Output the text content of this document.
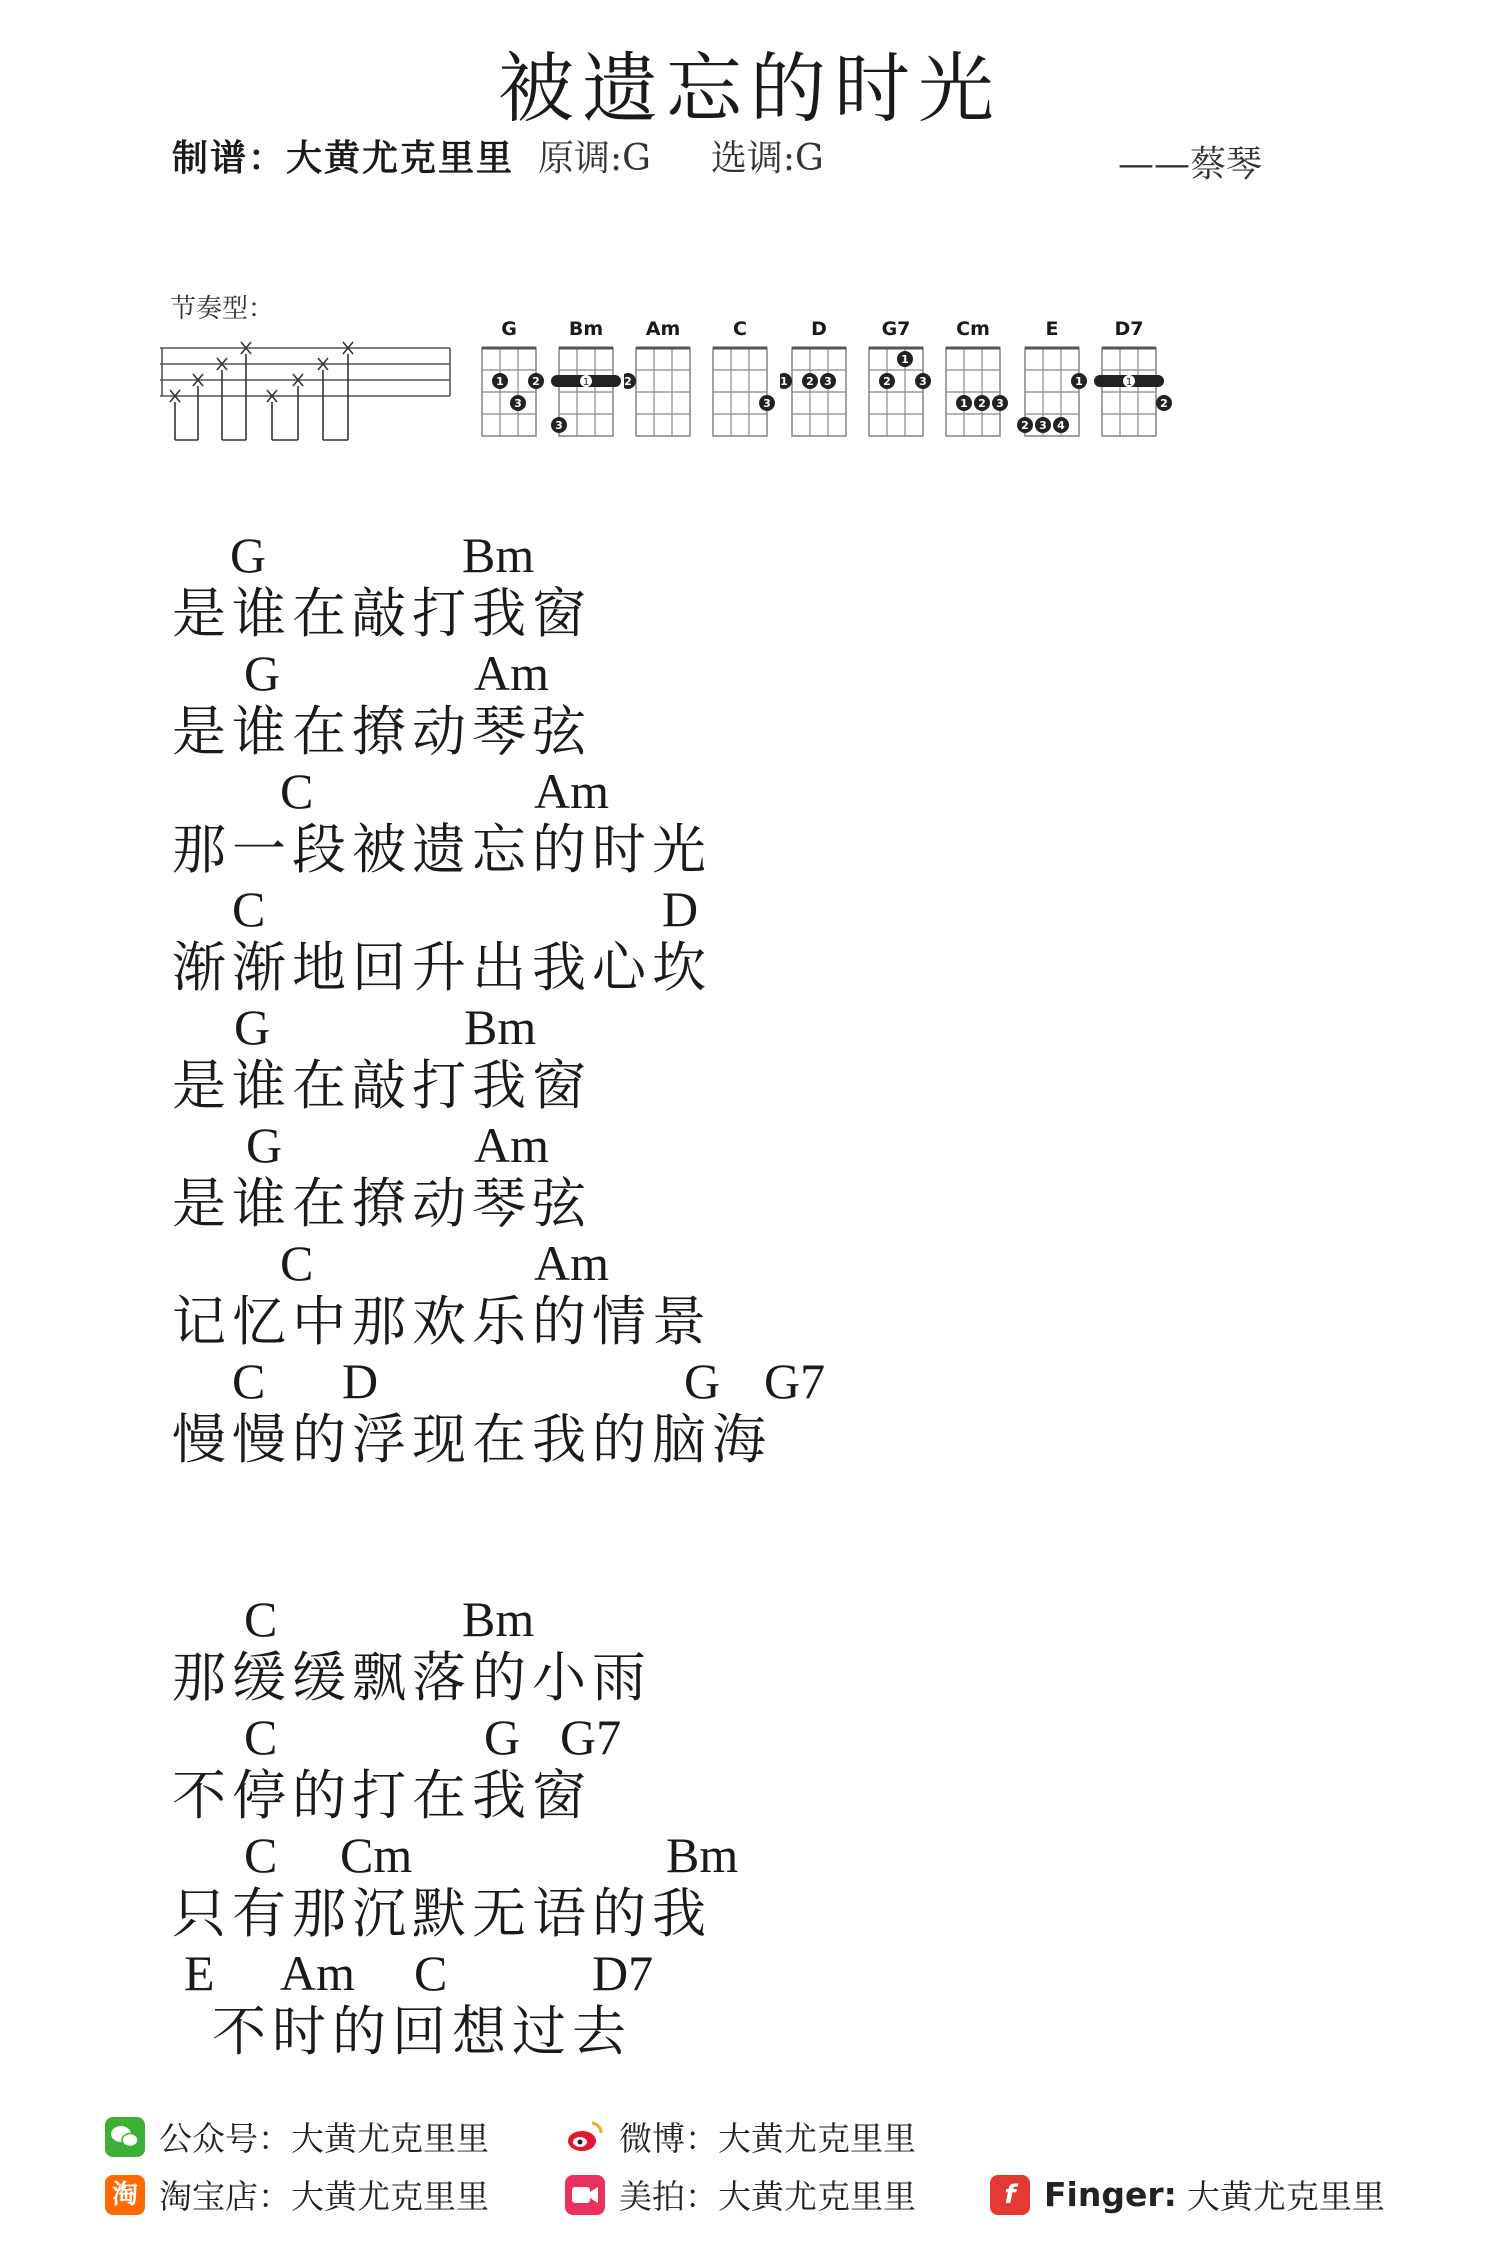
被遗忘的时光
制谱：大黄尤克里里 原调:G 选调:G	——蔡琴
节奏型：
G
1
3
2
Bm
1
3
Am
2
C
3
D
1 2 3
G7
2
1
3
Cm
1 2 3
E
2 3 4
1
D7
1
2
G	Bm
是谁在敲打我窗
G	Am
是谁在撩动琴弦
C	Am
那一段被遗忘的时光
C	D
渐渐地回升出我心坎
G	Bm
是谁在敲打我窗
G	Am
是谁在撩动琴弦
C	Am
记忆中那欢乐的情景
C D	G G7
慢慢的浮现在我的脑海
C	Bm
那缓缓飘落的小雨
C	G G7
不停的打在我窗
C Cm	Bm
只有那沉默无语的我
E Am C	D7
不时的回想过去
公众号：大黄尤克里里	微博：大黄尤克里里
淘 淘宝店：大黄尤克里里	美拍：大黄尤克里里	f Finger: 大黄尤克里里
